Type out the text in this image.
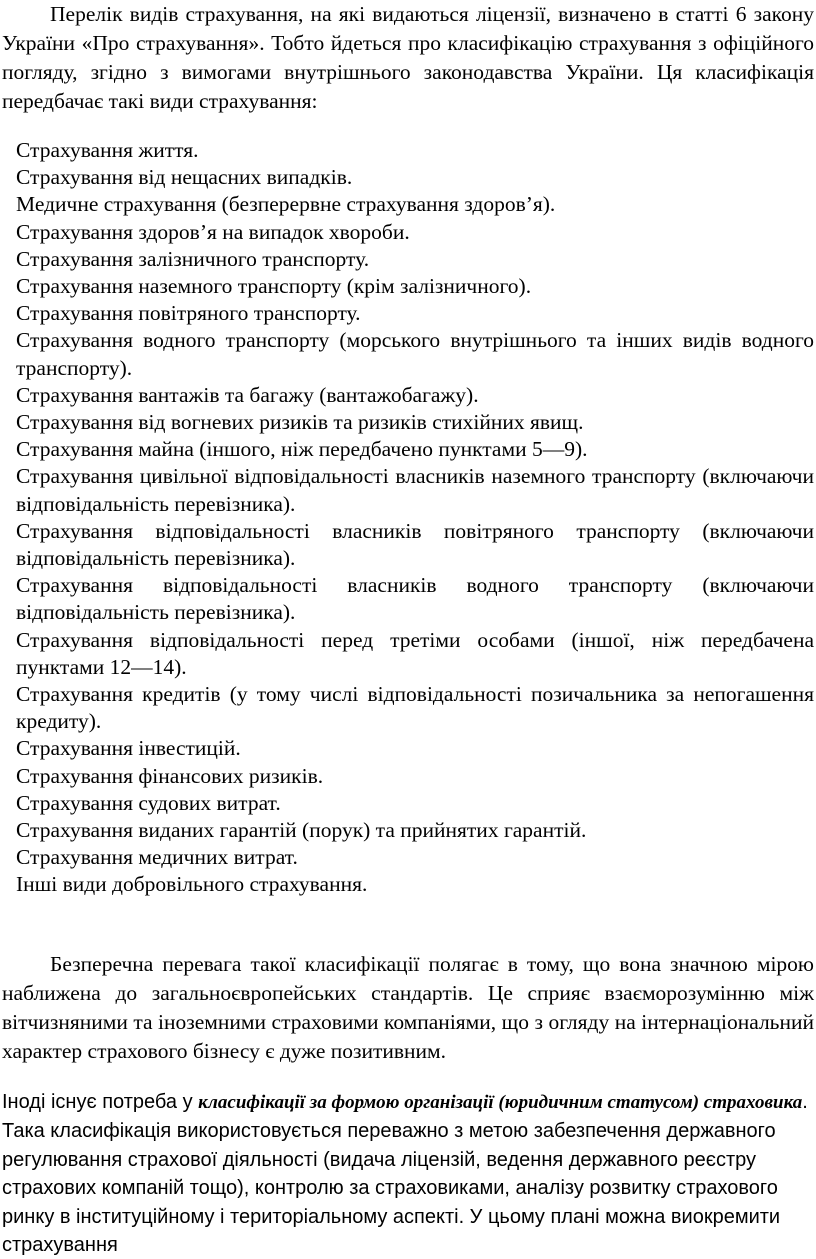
Перелік видів страхування, на які видаються ліцензії, визначено в статті 6 закону України «Про страхування». Тобто йдеться про класифікацію страхування з офіційного погляду, згідно з вимогами внутрішнього законодавства України. Ця класифікація передбачає такі види страхування:

Страхування життя.
Страхування від нещасних випадків.
Медичне страхування (безперервне страхування здоров’я).
Страхування здоров’я на випадок хвороби.
Страхування залізничного транспорту.
Страхування наземного транспорту (крім залізничного).
Страхування повітряного транспорту.
Страхування водного транспорту (морського внутрішнього та інших видів водного транспорту).
Страхування вантажів та багажу (вантажобагажу).
Страхування від вогневих ризиків та ризиків стихійних явищ.
Страхування майна (іншого, ніж передбачено пунктами 5—9).
Страхування цивільної відповідальності власників наземного транспорту (включаючи відповідальність перевізника).
Страхування відповідальності власників повітряного транспорту (включаючи відповідальність перевізника).
Страхування відповідальності власників водного транспорту (включаючи відповідальність перевізника).
Страхування відповідальності перед третіми особами (іншої, ніж передбачена пунктами 12—14).
Страхування кредитів (у тому числі відповідальності позичальника за непогашення кредиту).
Страхування інвестицій.
Страхування фінансових ризиків.
Страхування судових витрат.
Страхування виданих гарантій (порук) та прийнятих гарантій.
Страхування медичних витрат.
Інші види добровільного страхування.

Безперечна перевага такої класифікації полягає в тому, що вона значною мірою наближена до загальноєвропейських стандартів. Це сприяє взаєморозумінню між вітчизняними та іноземними страховими компаніями, що з огляду на інтернаціональний характер страхового бізнесу є дуже позитивним.

Іноді існує потреба у класифікації за формою організації (юридичним статусом) страховика. Така класифікація використовується переважно з метою забезпечення державного регулювання страхової діяльності (видача ліцензій, ведення державного реєстру страхових компаній тощо), контролю за страховиками, аналізу розвитку страхового ринку в інституційному і територіальному аспекті. У цьому плані можна виокремити страхування
